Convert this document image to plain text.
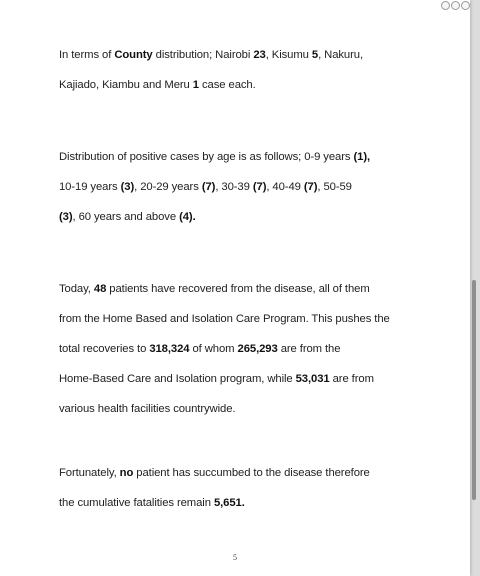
In terms of County distribution; Nairobi 23, Kisumu 5, Nakuru,
Kajiado, Kiambu and Meru 1 case each.

Distribution of positive cases by age is as follows; 0-9 years (1),
10-19 years (3), 20-29 years (7), 30-39 (7), 40-49 (7), 50-59
(3), 60 years and above (4).

Today, 48 patients have recovered from the disease, all of them
from the Home Based and Isolation Care Program. This pushes the
total recoveries to 318,324 of whom 265,293 are from the
Home-Based Care and Isolation program, while 53,031 are from
various health facilities countrywide.

Fortunately, no patient has succumbed to the disease therefore
the cumulative fatalities remain 5,651.

5
